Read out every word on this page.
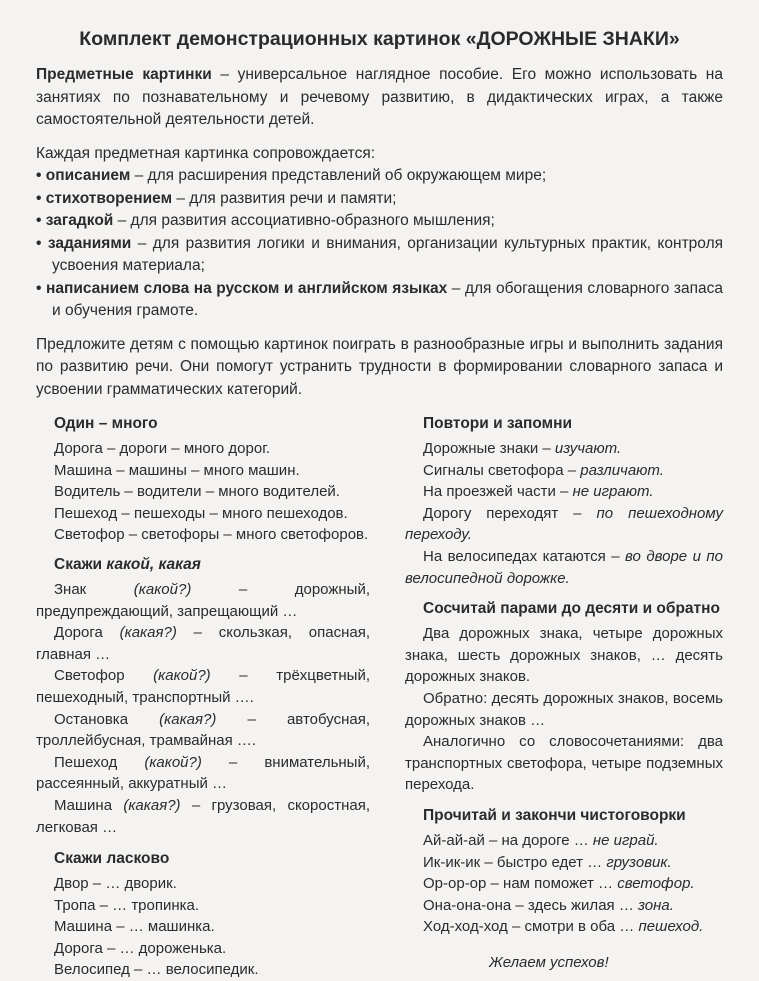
Комплект демонстрационных картинок «ДОРОЖНЫЕ ЗНАКИ»

Предметные картинки – универсальное наглядное пособие. Его можно использовать на занятиях по познавательному и речевому развитию, в дидактических играх, а также самостоятельной деятельности детей.

Каждая предметная картинка сопровождается:

• описанием – для расширения представлений об окружающем мире;

• стихотворением – для развития речи и памяти;

• загадкой – для развития ассоциативно-образного мышления;

• заданиями – для развития логики и внимания, организации культурных практик, контроля усвоения материала;

• написанием слова на русском и английском языках – для обогащения словарного запаса и обучения грамоте.

Предложите детям с помощью картинок поиграть в разнообразные игры и выполнить задания по развитию речи. Они помогут устранить трудности в формировании словарного запаса и усвоении грамматических категорий.

Один – много

Дорога – дороги – много дорог.

Машина – машины – много машин.

Водитель – водители – много водителей.

Пешеход – пешеходы – много пешеходов.

Светофор – светофоры – много светофоров.

Скажи какой, какая

Знак (какой?) – дорожный, предупреждающий, запрещающий …

Дорога (какая?) – скользкая, опасная, главная …

Светофор (какой?) – трёхцветный, пешеходный, транспортный ….

Остановка (какая?) – автобусная, троллейбусная, трамвайная ….

Пешеход (какой?) – внимательный, рассеянный, аккуратный …

Машина (какая?) – грузовая, скоростная, легковая …

Скажи ласково

Двор – … дворик.

Тропа – … тропинка.

Машина – … машинка.

Дорога – … дороженька.

Велосипед – … велосипедик.

Повтори и запомни

Дорожные знаки – изучают.

Сигналы светофора – различают.

На проезжей части – не играют.

Дорогу переходят – по пешеходному переходу.

На велосипедах катаются – во дворе и по велосипедной дорожке.

Сосчитай парами до десяти и обратно

Два дорожных знака, четыре дорожных знака, шесть дорожных знаков, … десять дорожных знаков.

Обратно: десять дорожных знаков, восемь дорожных знаков …

Аналогично со словосочетаниями: два транспортных светофора, четыре подземных перехода.

Прочитай и закончи чистоговорки

Ай-ай-ай – на дороге … не играй.

Ик-ик-ик – быстро едет … грузовик.

Ор-ор-ор – нам поможет … светофор.

Она-она-она – здесь жилая … зона.

Ход-ход-ход – смотри в оба … пешеход.

Желаем успехов!
